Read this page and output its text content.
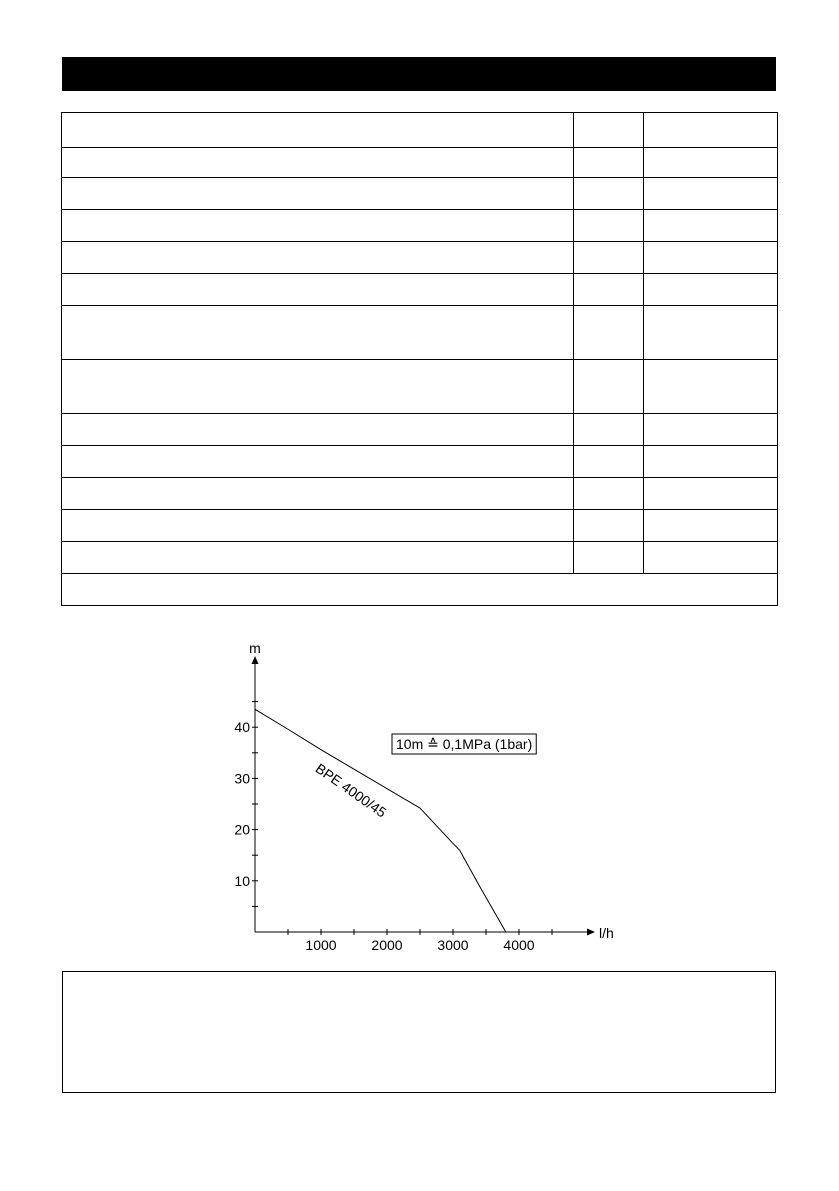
1000 2000 3000 4000
10
20
30
40
l/h
m
BPE 4000/45
10m ≙ 0,1MPa (1bar)
